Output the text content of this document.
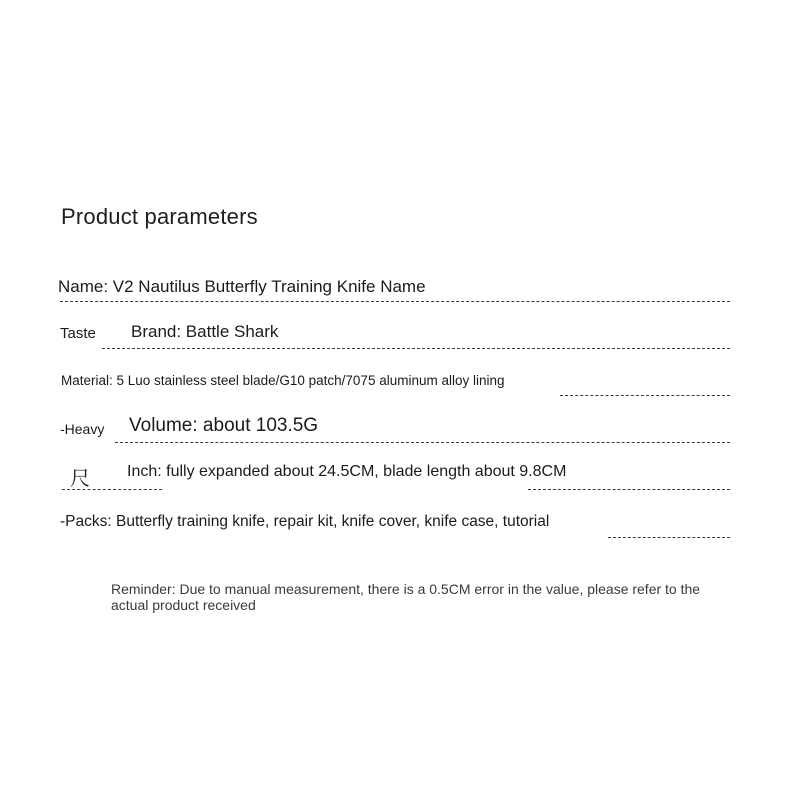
Product parameters
Name: V2 Nautilus Butterfly Training Knife Name
Taste Brand: Battle Shark
Material: 5 Luo stainless steel blade/G10 patch/7075 aluminum alloy lining
-Heavy Volume: about 103.5G
尺 Inch: fully expanded about 24.5CM, blade length about 9.8CM
-Packs: Butterfly training knife, repair kit, knife cover, knife case, tutorial
Reminder: Due to manual measurement, there is a 0.5CM error in the value, please refer to the actual product received
